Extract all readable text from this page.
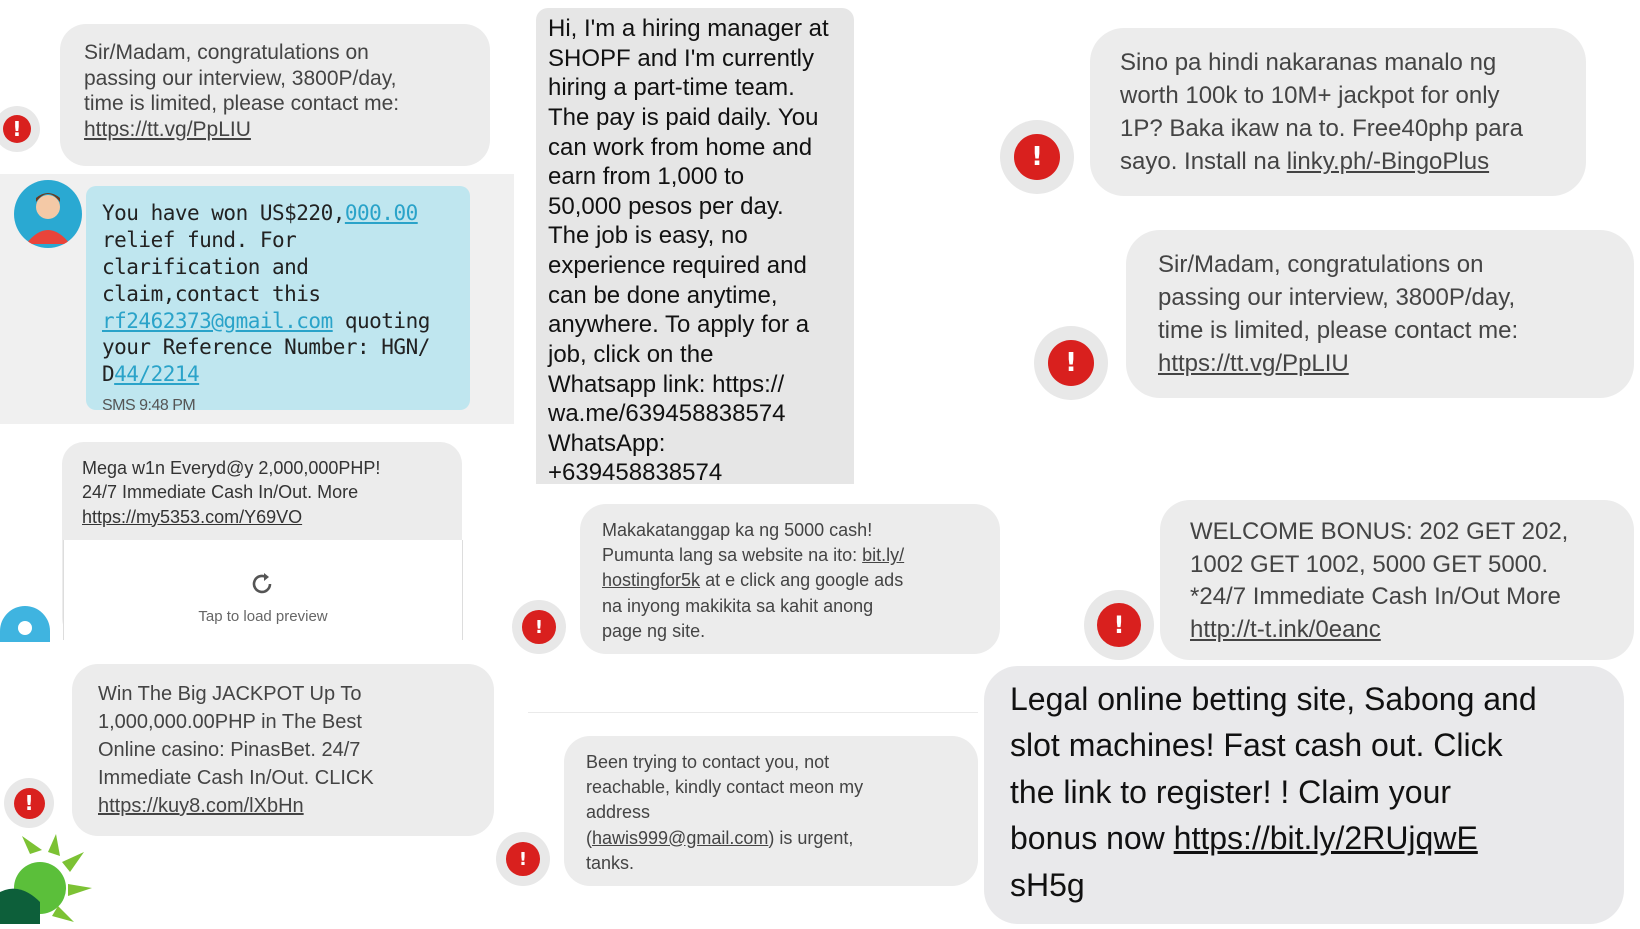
!
Sir/Madam, congratulations on
passing our interview, 3800P/day,
time is limited, please contact me:
https://tt.vg/PpLIU
You have won US$220,000.00
relief fund. For clarification and
claim,contact this
rf2462373@gmail.com quoting
your Reference Number: HGN/
D44/2214
SMS 9:48 PM
Mega w1n Everyd@y 2,000,000PHP!
24/7 Immediate Cash In/Out. More
https://my5353.com/Y69VO
Tap to load preview
!
Win The Big JACKPOT Up To
1,000,000.00PHP in The Best
Online casino: PinasBet. 24/7
Immediate Cash In/Out. CLICK
https://kuy8.com/lXbHn
Hi, I'm a hiring manager at
SHOPF and I'm currently
hiring a part-time team.
The pay is paid daily. You
can work from home and
earn from 1,000 to
50,000 pesos per day.
The job is easy, no
experience required and
can be done anytime,
anywhere. To apply for a
job, click on the
Whatsapp link: https://
wa.me/639458838574
WhatsApp:
+639458838574
!
Makakatanggap ka ng 5000 cash!
Pumunta lang sa website na ito: bit.ly/
hostingfor5k at e click ang google ads
na inyong makikita sa kahit anong
page ng site.
!
Been trying to contact you, not
reachable, kindly contact meon my
address
(hawis999@gmail.com) is urgent,
tanks.
!
Sino pa hindi nakaranas manalo ng
worth 100k to 10M+ jackpot for only
1P? Baka ikaw na to. Free40php para
sayo. Install na linky.ph/-BingoPlus
!
Sir/Madam, congratulations on
passing our interview, 3800P/day,
time is limited, please contact me:
https://tt.vg/PpLIU
!
WELCOME BONUS: 202 GET 202,
1002 GET 1002, 5000 GET 5000.
*24/7 Immediate Cash In/Out More
http://t-t.ink/0eanc
Legal online betting site, Sabong and
slot machines! Fast cash out. Click
the link to register! ! Claim your
bonus now https://bit.ly/2RUjqwE
sH5g
